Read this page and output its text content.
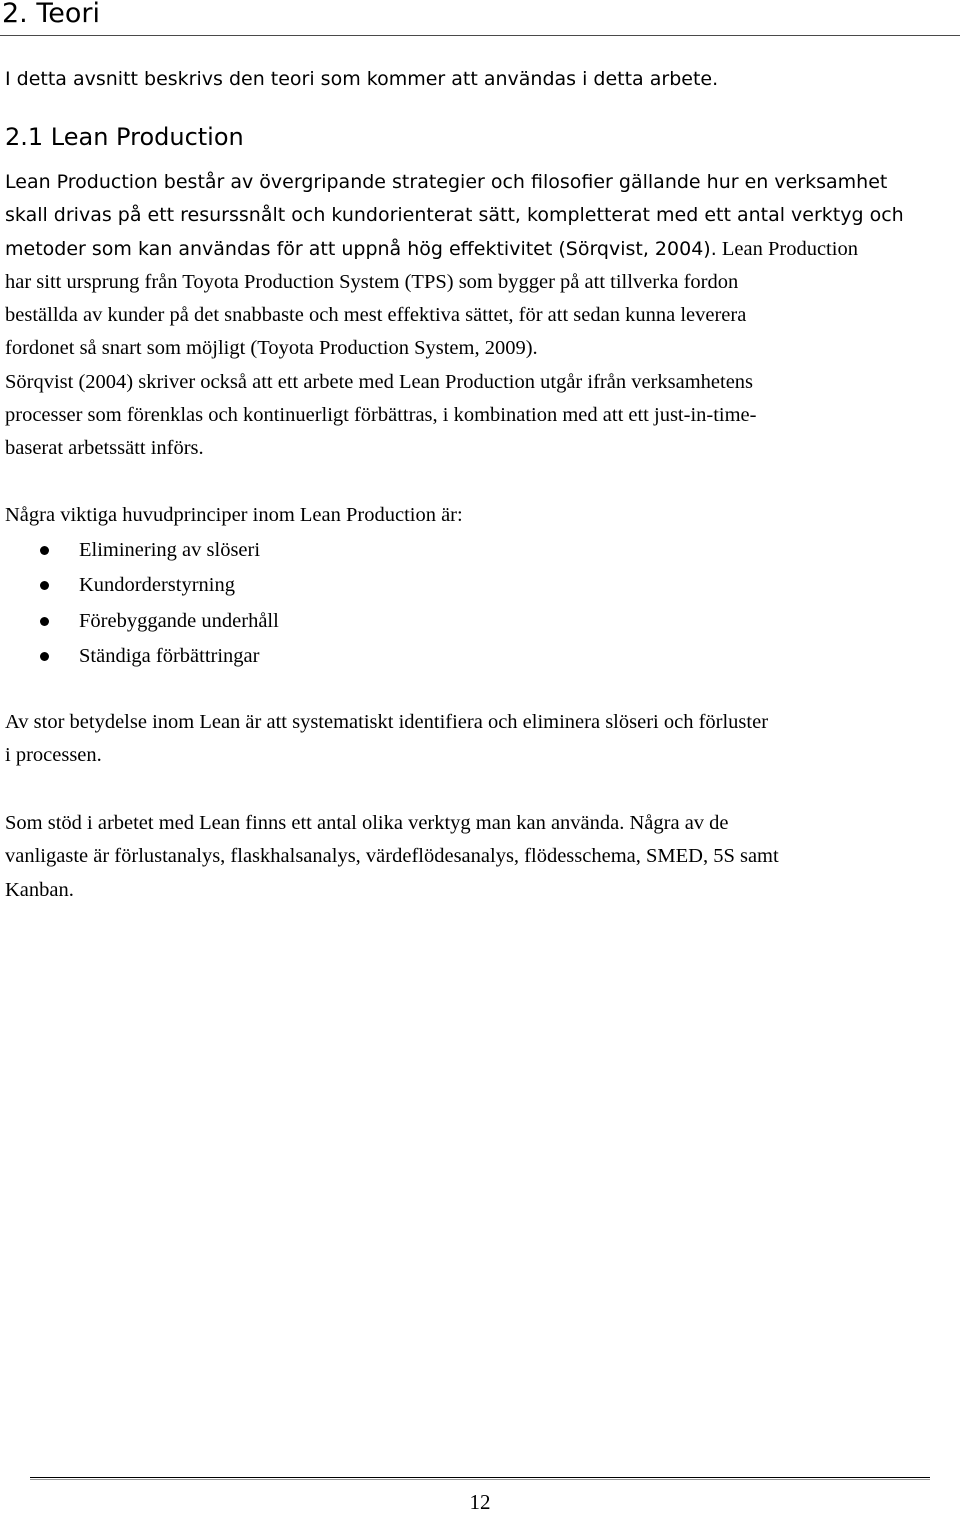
2. Teori

I detta avsnitt beskrivs den teori som kommer att användas i detta arbete.

2.1 Lean Production

Lean Production består av övergripande strategier och filosofier gällande hur en verksamhet
skall drivas på ett resurssnålt och kundorienterat sätt, kompletterat med ett antal verktyg och
metoder som kan användas för att uppnå hög effektivitet (Sörqvist, 2004). Lean Production
har sitt ursprung från Toyota Production System (TPS) som bygger på att tillverka fordon
beställda av kunder på det snabbaste och mest effektiva sättet, för att sedan kunna leverera
fordonet så snart som möjligt (Toyota Production System, 2009).
Sörqvist (2004) skriver också att ett arbete med Lean Production utgår ifrån verksamhetens
processer som förenklas och kontinuerligt förbättras, i kombination med att ett just-in-time-
baserat arbetssätt införs.

Några viktiga huvudprinciper inom Lean Production är:

Eliminering av slöseri
Kundorderstyrning
Förebyggande underhåll
Ständiga förbättringar

Av stor betydelse inom Lean är att systematiskt identifiera och eliminera slöseri och förluster
i processen.

Som stöd i arbetet med Lean finns ett antal olika verktyg man kan använda. Några av de
vanligaste är förlustanalys, flaskhalsanalys, värdeflödesanalys, flödesschema, SMED, 5S samt
Kanban.

12
